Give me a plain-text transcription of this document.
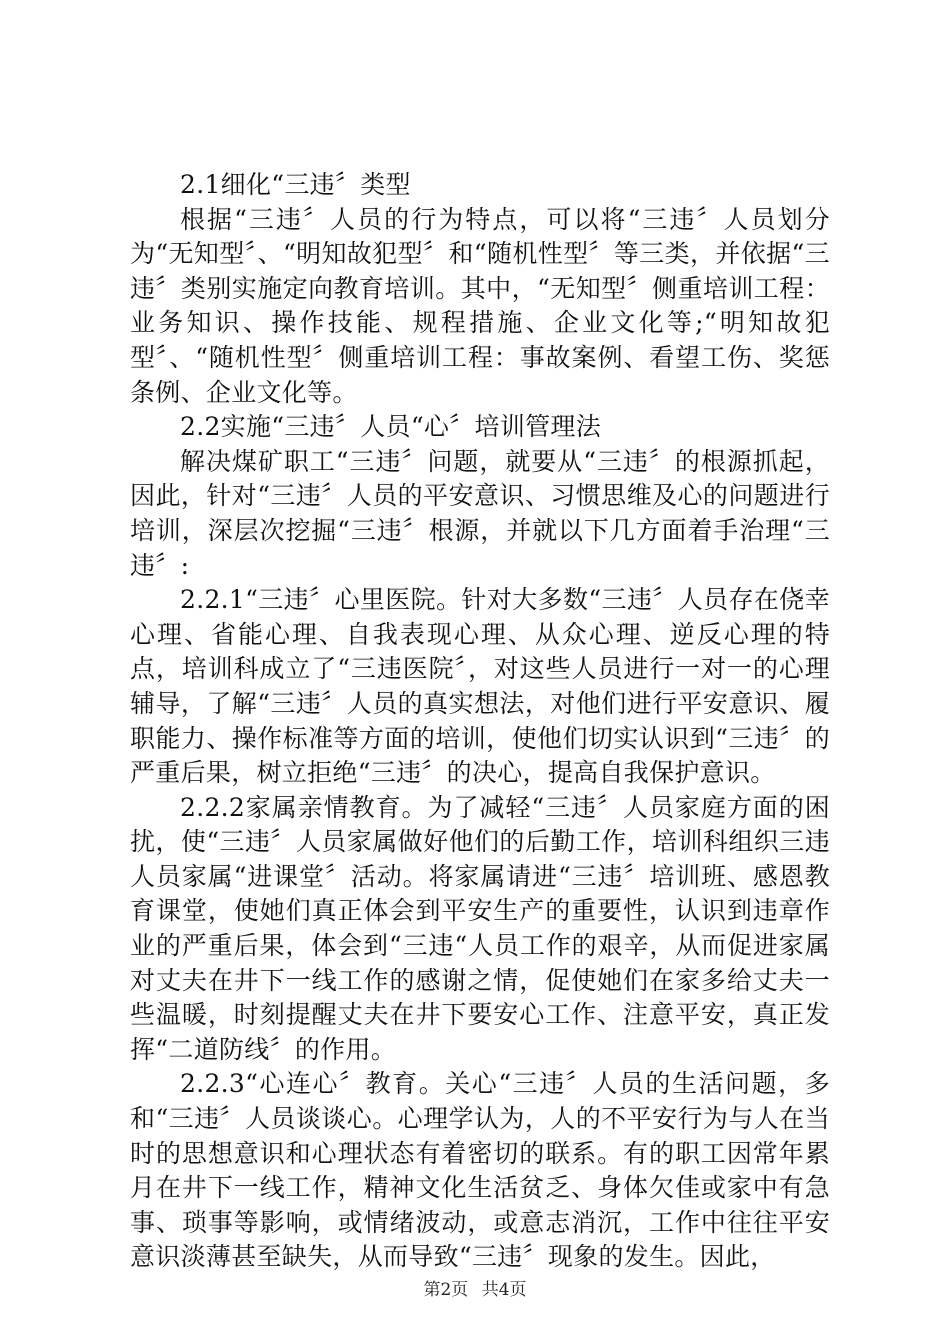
2.1细化“三违〞类型

根据“三违〞人员的行为特点，可以将“三违〞人员划分为“无知型〞、“明知故犯型〞和“随机性型〞等三类，并依据“三违〞类别实施定向教育培训。其中，“无知型〞侧重培训工程：业务知识、操作技能、规程措施、企业文化等;“明知故犯型〞、“随机性型〞侧重培训工程：事故案例、看望工伤、奖惩条例、企业文化等。

2.2实施“三违〞人员“心〞培训管理法

解决煤矿职工“三违〞问题，就要从“三违〞的根源抓起，因此，针对“三违〞人员的平安意识、习惯思维及心的问题进行培训，深层次挖掘“三违〞根源，并就以下几方面着手治理“三违〞:

2.2.1“三违〞心里医院。针对大多数“三违〞人员存在侥幸心理、省能心理、自我表现心理、从众心理、逆反心理的特点，培训科成立了“三违医院〞，对这些人员进行一对一的心理辅导，了解“三违〞人员的真实想法，对他们进行平安意识、履职能力、操作标准等方面的培训，使他们切实认识到“三违〞的严重后果，树立拒绝“三违〞的决心，提高自我保护意识。

2.2.2家属亲情教育。为了减轻“三违〞人员家庭方面的困扰，使“三违〞人员家属做好他们的后勤工作，培训科组织三违人员家属“进课堂〞活动。将家属请进“三违〞培训班、感恩教育课堂，使她们真正体会到平安生产的重要性，认识到违章作业的严重后果，体会到“三违“人员工作的艰辛，从而促进家属对丈夫在井下一线工作的感谢之情，促使她们在家多给丈夫一些温暖，时刻提醒丈夫在井下要安心工作、注意平安，真正发挥“二道防线〞的作用。

2.2.3“心连心〞教育。关心“三违〞人员的生活问题，多和“三违〞人员谈谈心。心理学认为，人的不平安行为与人在当时的思想意识和心理状态有着密切的联系。有的职工因常年累月在井下一线工作，精神文化生活贫乏、身体欠佳或家中有急事、琐事等影响，或情绪波动，或意志消沉，工作中往往平安意识淡薄甚至缺失，从而导致“三违〞现象的发生。因此，

第2页 共4页
